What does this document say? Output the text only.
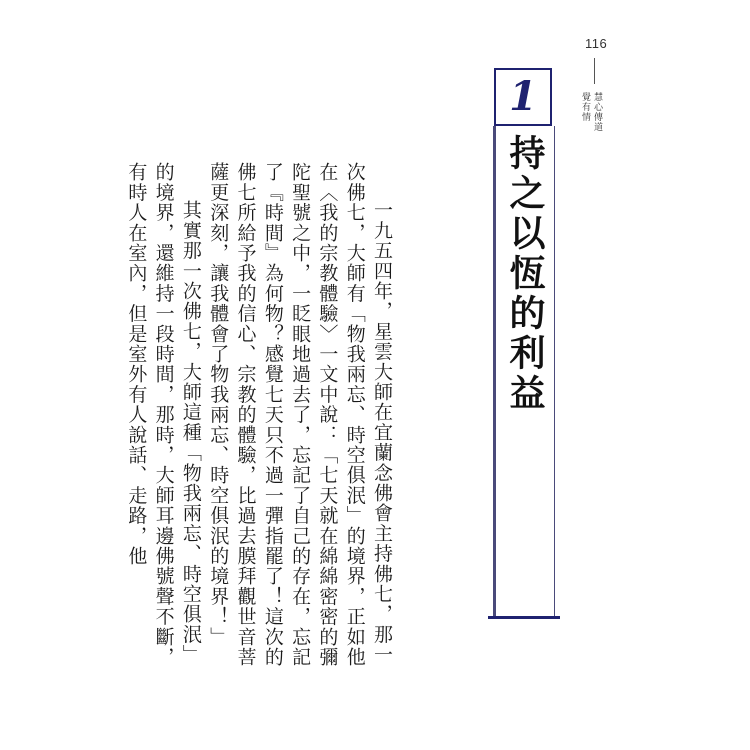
116
慧心傳道
覺有情
1
持之以恆的利益

一九五四年，星雲大師在宜蘭念佛會主持佛七，那一次佛七，大師有「物我兩忘、時空俱泯」的境界，正如他在〈我的宗教體驗〉一文中說：「七天就在綿綿密密的彌陀聖號之中，一眨眼地過去了，忘記了自己的存在，忘記了『時間』為何物？感覺七天只不過一彈指罷了！這次的佛七所給予我的信心、宗教的體驗，比過去膜拜觀世音菩薩更深刻，讓我體會了物我兩忘、時空俱泯的境界！」

其實那一次佛七，大師這種「物我兩忘、時空俱泯」的境界，還維持一段時間，那時，大師耳邊佛號聲不斷，有時人在室內，但是室外有人說話、走路，他
